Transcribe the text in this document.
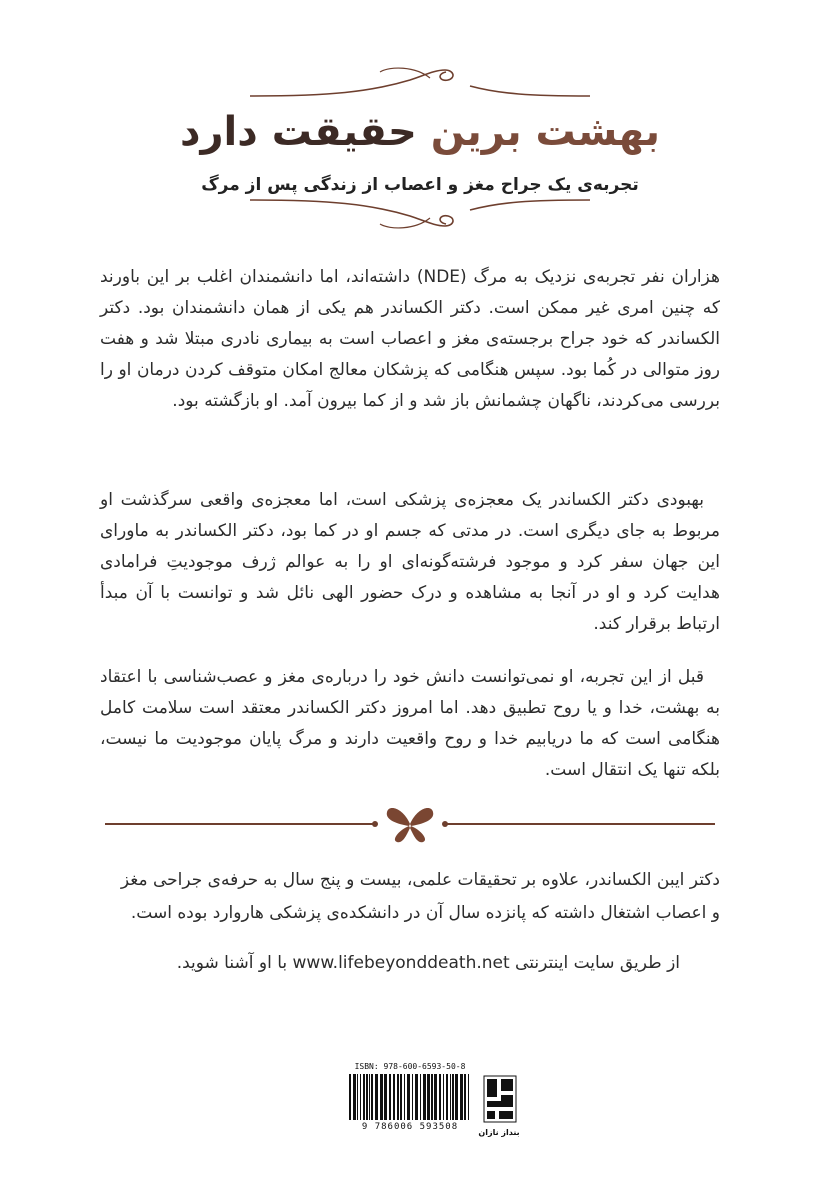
بهشت برین حقیقت دارد
تجربه‌ی یک جراح مغز و اعصاب از زندگی پس از مرگ

هزاران نفر تجربه‌ی نزدیک به مرگ (NDE) داشته‌اند، اما دانشمندان اغلب بر این باورند که چنین امری غیر ممکن است. دکتر الکساندر هم یکی از همان دانشمندان بود. دکتر الکساندر که خود جراح برجسته‌ی مغز و اعصاب است به بیماری نادری مبتلا شد و هفت روز متوالی در کُما بود. سپس هنگامی که پزشکان معالج امکان متوقف کردن درمان او را بررسی می‌کردند، ناگهان چشمانش باز شد و از کما بیرون آمد. او بازگشته بود.

بهبودی دکتر الکساندر یک معجزه‌ی پزشکی است، اما معجزه‌ی واقعی سرگذشت او مربوط به جای دیگری است. در مدتی که جسم او در کما بود، دکتر الکساندر به ماورای این جهان سفر کرد و موجود فرشته‌گونه‌ای او را به عوالم ژرف موجودیتِ فرامادی هدایت کرد و او در آنجا به مشاهده و درک حضور الهی نائل شد و توانست با آن مبدأ ارتباط برقرار کند.

قبل از این تجربه، او نمی‌توانست دانش خود را درباره‌ی مغز و عصب‌شناسی با اعتقاد به بهشت، خدا و یا روح تطبیق دهد. اما امروز دکتر الکساندر معتقد است سلامت کامل هنگامی است که ما دریابیم خدا و روح واقعیت دارند و مرگ پایان موجودیت ما نیست، بلکه تنها یک انتقال است.

دکتر ایبن الکساندر، علاوه بر تحقیقات علمی، بیست و پنج سال به حرفه‌ی جراحی مغز و اعصاب اشتغال داشته که پانزده سال آن در دانشکده‌ی پزشکی هاروارد بوده است.

از طریق سایت اینترنتی www.lifebeyonddeath.net با او آشنا شوید.

ISBN: 978-600-6593-50-8
9 786006 593508
بنداز نازان
